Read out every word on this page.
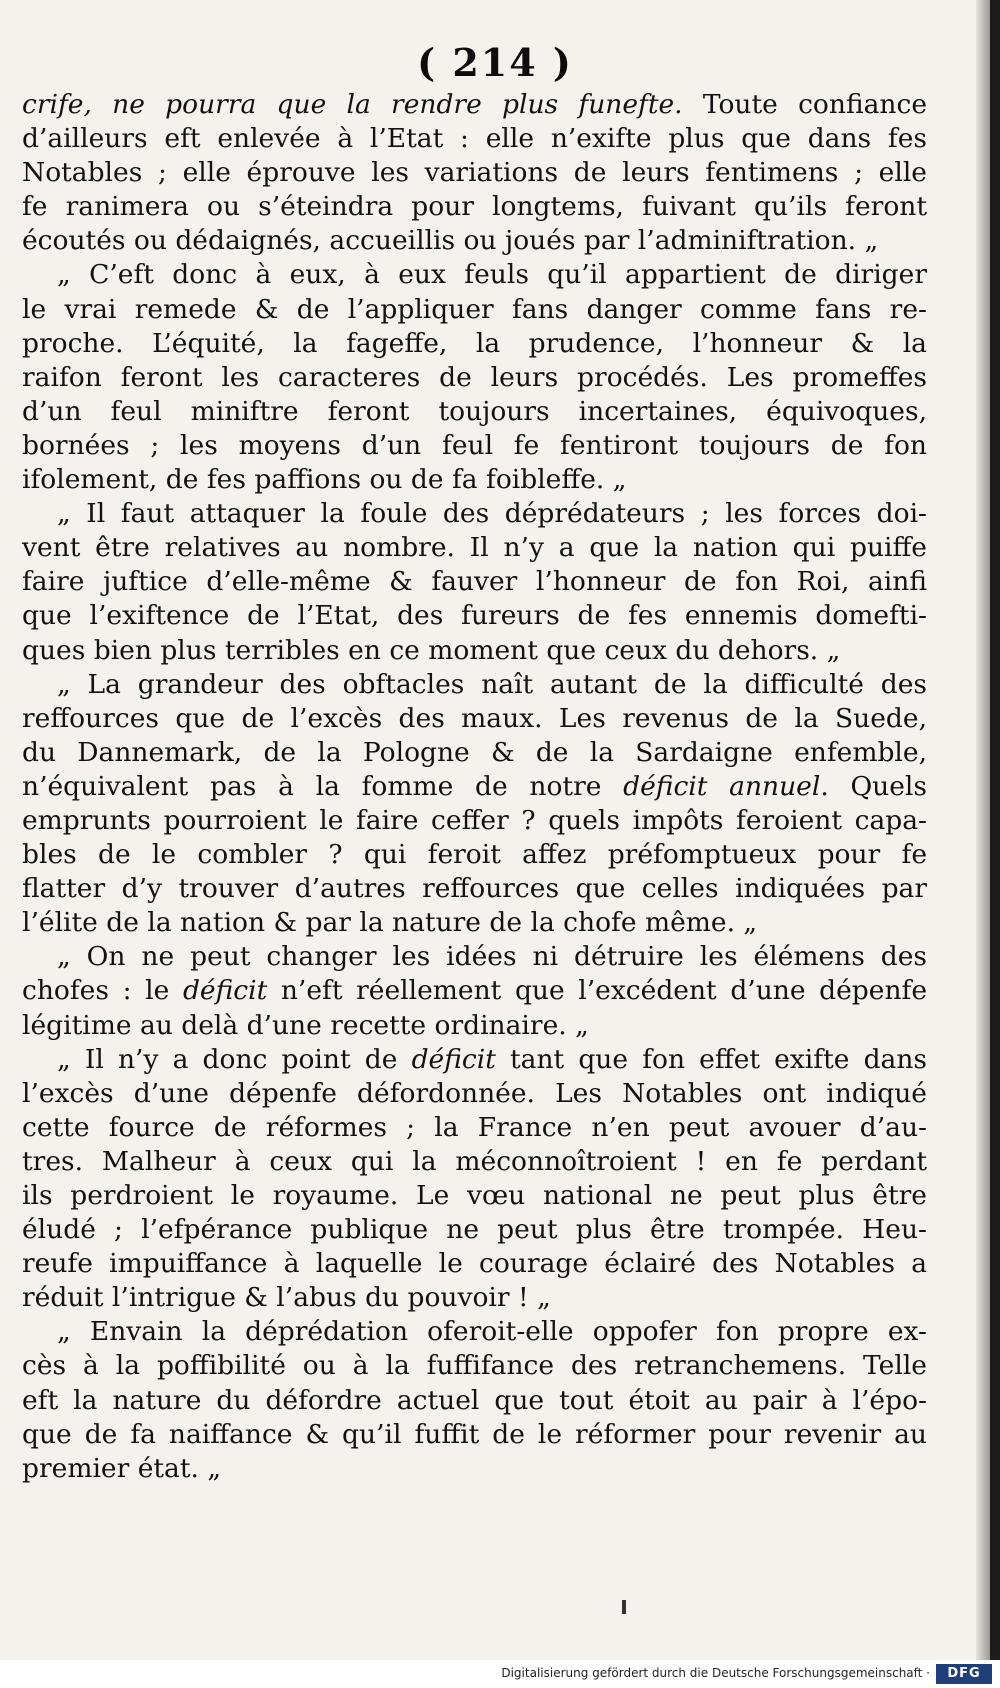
( 214 )
crife, ne pourra que la rendre plus funefte. Toute confiance
d’ailleurs eft enlevée à l’Etat : elle n’exifte plus que dans fes
Notables ; elle éprouve les variations de leurs fentimens ; elle
fe ranimera ou s’éteindra pour longtems, fuivant qu’ils feront
écoutés ou dédaignés, accueillis ou joués par l’adminiftration. „
„ C’eft donc à eux, à eux feuls qu’il appartient de diriger
le vrai remede & de l’appliquer fans danger comme fans re-
proche. L’équité, la fageffe, la prudence, l’honneur & la
raifon feront les caracteres de leurs procédés. Les promeffes
d’un feul miniftre feront toujours incertaines, équivoques,
bornées ; les moyens d’un feul fe fentiront toujours de fon
ifolement, de fes paffions ou de fa foibleffe. „
„ Il faut attaquer la foule des déprédateurs ; les forces doi-
vent être relatives au nombre. Il n’y a que la nation qui puiffe
faire juftice d’elle-même & fauver l’honneur de fon Roi, ainfi
que l’exiftence de l’Etat, des fureurs de fes ennemis domefti-
ques bien plus terribles en ce moment que ceux du dehors. „
„ La grandeur des obftacles naît autant de la difficulté des
reffources que de l’excès des maux. Les revenus de la Suede,
du Dannemark, de la Pologne & de la Sardaigne enfemble,
n’équivalent pas à la fomme de notre déficit annuel. Quels
emprunts pourroient le faire ceffer ? quels impôts feroient capa-
bles de le combler ? qui feroit affez préfomptueux pour fe
flatter d’y trouver d’autres reffources que celles indiquées par
l’élite de la nation & par la nature de la chofe même. „
„ On ne peut changer les idées ni détruire les élémens des
chofes : le déficit n’eft réellement que l’excédent d’une dépenfe
légitime au delà d’une recette ordinaire. „
„ Il n’y a donc point de déficit tant que fon effet exifte dans
l’excès d’une dépenfe défordonnée. Les Notables ont indiqué
cette fource de réformes ; la France n’en peut avouer d’au-
tres. Malheur à ceux qui la méconnoîtroient ! en fe perdant
ils perdroient le royaume. Le vœu national ne peut plus être
éludé ; l’efpérance publique ne peut plus être trompée. Heu-
reufe impuiffance à laquelle le courage éclairé des Notables a
réduit l’intrigue & l’abus du pouvoir ! „
„ Envain la déprédation oferoit-elle oppofer fon propre ex-
cès à la poffibilité ou à la fuffifance des retranchemens. Telle
eft la nature du défordre actuel que tout étoit au pair à l’épo-
que de fa naiffance & qu’il fuffit de le réformer pour revenir au
premier état. „
Digitalisierung gefördert durch die Deutsche Forschungsgemeinschaft ·	DFG
